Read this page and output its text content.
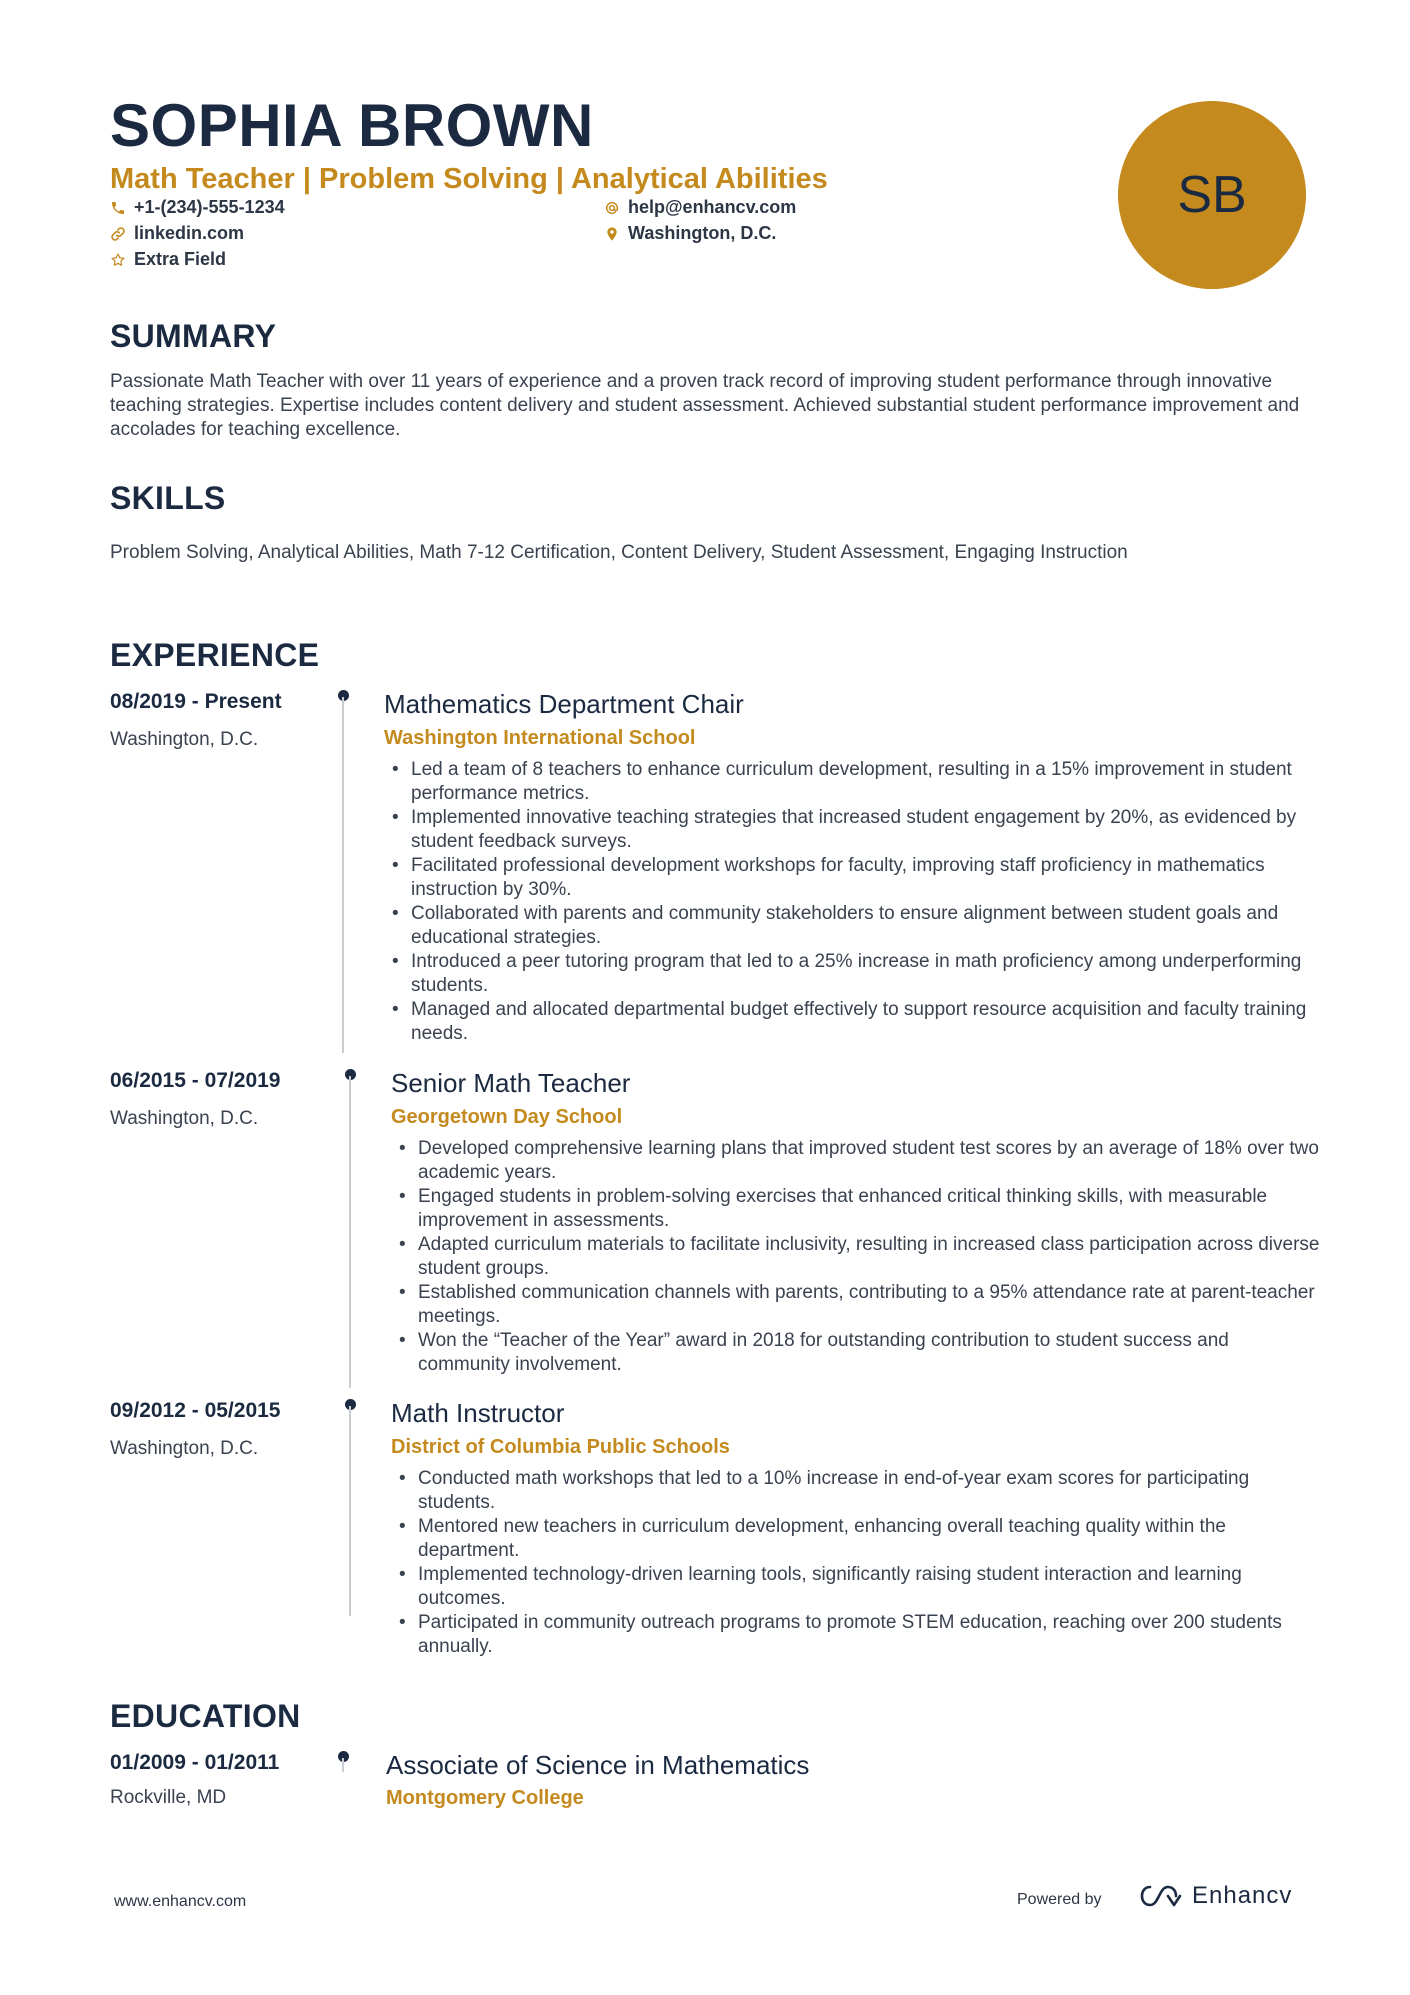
SOPHIA BROWN
Math Teacher | Problem Solving | Analytical Abilities
+1-(234)-555-1234	help@enhancv.com
linkedin.com	Washington, D.C.
Extra Field
SB
SUMMARY
Passionate Math Teacher with over 11 years of experience and a proven track record of improving student performance through innovative teaching strategies. Expertise includes content delivery and student assessment. Achieved substantial student performance improvement and accolades for teaching excellence.
SKILLS
Problem Solving, Analytical Abilities, Math 7-12 Certification, Content Delivery, Student Assessment, Engaging Instruction
EXPERIENCE
08/2019 - Present
Washington, D.C.
Mathematics Department Chair
Washington International School
• Led a team of 8 teachers to enhance curriculum development, resulting in a 15% improvement in student performance metrics.
• Implemented innovative teaching strategies that increased student engagement by 20%, as evidenced by student feedback surveys.
• Facilitated professional development workshops for faculty, improving staff proficiency in mathematics instruction by 30%.
• Collaborated with parents and community stakeholders to ensure alignment between student goals and educational strategies.
• Introduced a peer tutoring program that led to a 25% increase in math proficiency among underperforming students.
• Managed and allocated departmental budget effectively to support resource acquisition and faculty training needs.
06/2015 - 07/2019
Washington, D.C.
Senior Math Teacher
Georgetown Day School
• Developed comprehensive learning plans that improved student test scores by an average of 18% over two academic years.
• Engaged students in problem-solving exercises that enhanced critical thinking skills, with measurable improvement in assessments.
• Adapted curriculum materials to facilitate inclusivity, resulting in increased class participation across diverse student groups.
• Established communication channels with parents, contributing to a 95% attendance rate at parent-teacher meetings.
• Won the “Teacher of the Year” award in 2018 for outstanding contribution to student success and community involvement.
09/2012 - 05/2015
Washington, D.C.
Math Instructor
District of Columbia Public Schools
• Conducted math workshops that led to a 10% increase in end-of-year exam scores for participating students.
• Mentored new teachers in curriculum development, enhancing overall teaching quality within the department.
• Implemented technology-driven learning tools, significantly raising student interaction and learning outcomes.
• Participated in community outreach programs to promote STEM education, reaching over 200 students annually.
EDUCATION
01/2009 - 01/2011
Rockville, MD
Associate of Science in Mathematics
Montgomery College
www.enhancv.com	Powered by	Enhancv
